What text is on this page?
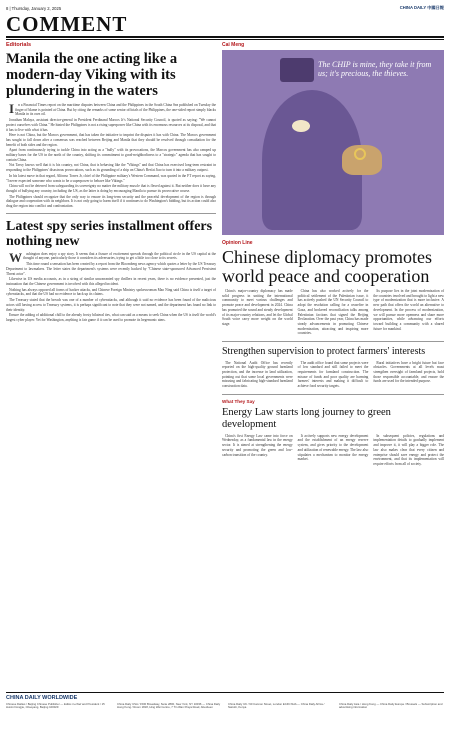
8 | Thursday, January 2, 2025	CHINA DAILY 中國日報
COMMENT
Editorials
Manila the one acting like a modern-day Viking with its plundering in the waters

In a Financial Times report on the maritime disputes between China and the Philippines in the South China Sea published on Tuesday the finger of blame is pointed at China. But by citing the remarks of some senior officials of the Philippines, the one-sided report simply blacks Manila in its own oil.

Jonathan Malaya, assistant director-general in President Ferdinand Marcos Jr's National Security Council, is quoted as saying: "We cannot protect ourselves with China." He hinted the Philippines is not a rising superpower like China with its enormous resources at its disposal, and that it has to live with what it has.

Here is not China, but the Marcos government, that has taken the initiative to imprint the disputes it has with China. The Marcos government has sought to fall down after a consensus was reached between Beijing and Manila that they should be resolved through consultation for the benefit of both sides and the region.

Apart from continuously trying to tackle China into acting as a "bully" with its provocations, the Marcos government has also ramped up military bases for the US in the north of the country, shifting its commitment to good-neighborliness to a "strategic" agenda that has sought to contain China.

Not Tasvy knows well that it is his country, not China, that is behaving like the "Vikings" and that China has exercised long-term restraint in responding to the Philippines' disastrous provocations, such as its grounding of a ship on China's Ren'ai Jiao to turn it into a military outpost.

In his latest move in that regard, Alfonso Torres Jr, chief of the Philippine military's Western Command, was quoted in the FT report as saying, "I never expected someone who wants to be a superpower to behave like Vikings."

China will not be deterred from safeguarding its sovereignty no matter the military muscle that is flexed against it. But neither does it have any thought of bullying any country, including the US, as the latter is doing by encouraging Manila to pursue its provocative course.

The Philippines should recognize that the only way to ensure its long-term security and the peaceful development of the region is through dialogue and cooperation with its neighbors. It is not only going to harm itself if it continues to do Washington's bidding, but its action could also drag the region into conflict and confrontation.

Latest spy series installment offers nothing new

Washington does enjoy a spy story. It seems that a fissure of excitement spreads through the political circle in the US capital at the thought of anyone, particularly those it considers its adversaries, trying to get a little too close to its secrets.

This time round a sensation has been created by a report from the Bloomberg news agency which quotes a letter by the US Treasury Department to lawmakers. The letter states the department's systems were recently hacked by "Chinese state-sponsored Advanced Persistent Threat actor".

Likewise in US media accounts, as in a string of similar unwarranted spy thrillers in recent years, there is no evidence presented, just the insinuation that the Chinese government is involved with this alleged incident.

Nothing has always opposed all forms of hacker attacks, and Chinese Foreign Ministry spokeswoman Mao Ning said China is itself a target of cyberattacks, and that the US had no evidence to back up its claims.

The Treasury stated that the breach was one of a number of cyberattacks, and although it said no evidence has been found of the malicious actors still having access to Treasury systems, it is perhaps significant to note that they were not named, and the department has found no link to their identity.

Ensure the adding of additional chill to the already frosty bilateral ties, what can said as a means to seek China when the US is itself the world's largest cyber player. Yet for Washington, anything is fair game if it can be used to promote its hegemonic aims.

Cai Meng
The CHIP is mine, they take it from us; it's precious, the thieves.
Opinion Line
Chinese diplomacy promotes world peace and cooperation

China's major-country diplomacy has made solid progress in uniting the international community to meet various challenges and promote peace and development in 2024. China has promoted the sound and steady development of its major-country relations, and let the Global South voice carry more weight on the world stage.

China has also worked actively for the political settlement of the Palestinian issue, it has actively pushed the UN Security Council to adopt the resolution calling for a ceasefire in Gaza, and brokered reconciliation talks among Palestinian factions that signed the Beijing Declaration. Over the past year, China has made steady advancements in promoting Chinese modernization, attracting and inspiring more countries.

Its purpose lies in the joint modernization of the countries involved and brought to light a new type of modernization that is more inclusive. A new path that offers the world an alternative to development. In the process of modernization, we will pursue more openness and share more opportunities, while advancing our efforts toward building a community with a shared future for mankind.

Strengthen supervision to protect farmers' interests

The National Audit Office has recently reported on the high-quality ground farmland protection, and the increase in land utilization, pointing out that some local governments were misusing and fabricating high-standard farmland construction data.

The audit office found that some projects were of low standard and still failed to meet the requirements for farmland construction. The misuse of funds and poor quality are harming farmers' interests and making it difficult to achieve food security targets.

Rural initiatives have a bright future but face obstacles. Governments at all levels must strengthen oversight of farmland projects, hold those responsible accountable, and ensure the funds are used for the intended purpose.

What They Say
Energy Law starts long journey to green development

China's first Energy Law came into force on Wednesday, as a fundamental law in the energy sector. It is aimed at strengthening the energy security and promoting the green and low-carbon transition of the country.

It actively supports new energy development and the establishment of an energy reserve system, and gives priority to the development and utilization of renewable energy. The law also stipulates a mechanism to monitor the energy market.

In subsequent policies, regulations and implementation details to gradually implement and improve it, it will play a bigger role. The law also makes clear that every citizen and enterprise should save energy and protect the environment, and that its implementation will require efforts from all of society.

CHINA DAILY WORLDWIDE
Chinese Dailies / Beijing Chinese Publisher — Editor-in-chief and President / 15 Huixin Dongjie, Chaoyang, Beijing 100029
China Daily USA / 1500 Broadway, Suite 2800, New York, NY 10036 — China Daily Hong Kong / Room 1818, Hing Wai Centre, 7 Tin Wan Praya Road, Aberdeen
China Daily UK / 90 Cannon Street, London EC4N 6HA — China Daily Africa / Nairobi, Kenya
China Daily Asia / Hong Kong — China Daily Europe / Brussels — Subscription and advertising information
